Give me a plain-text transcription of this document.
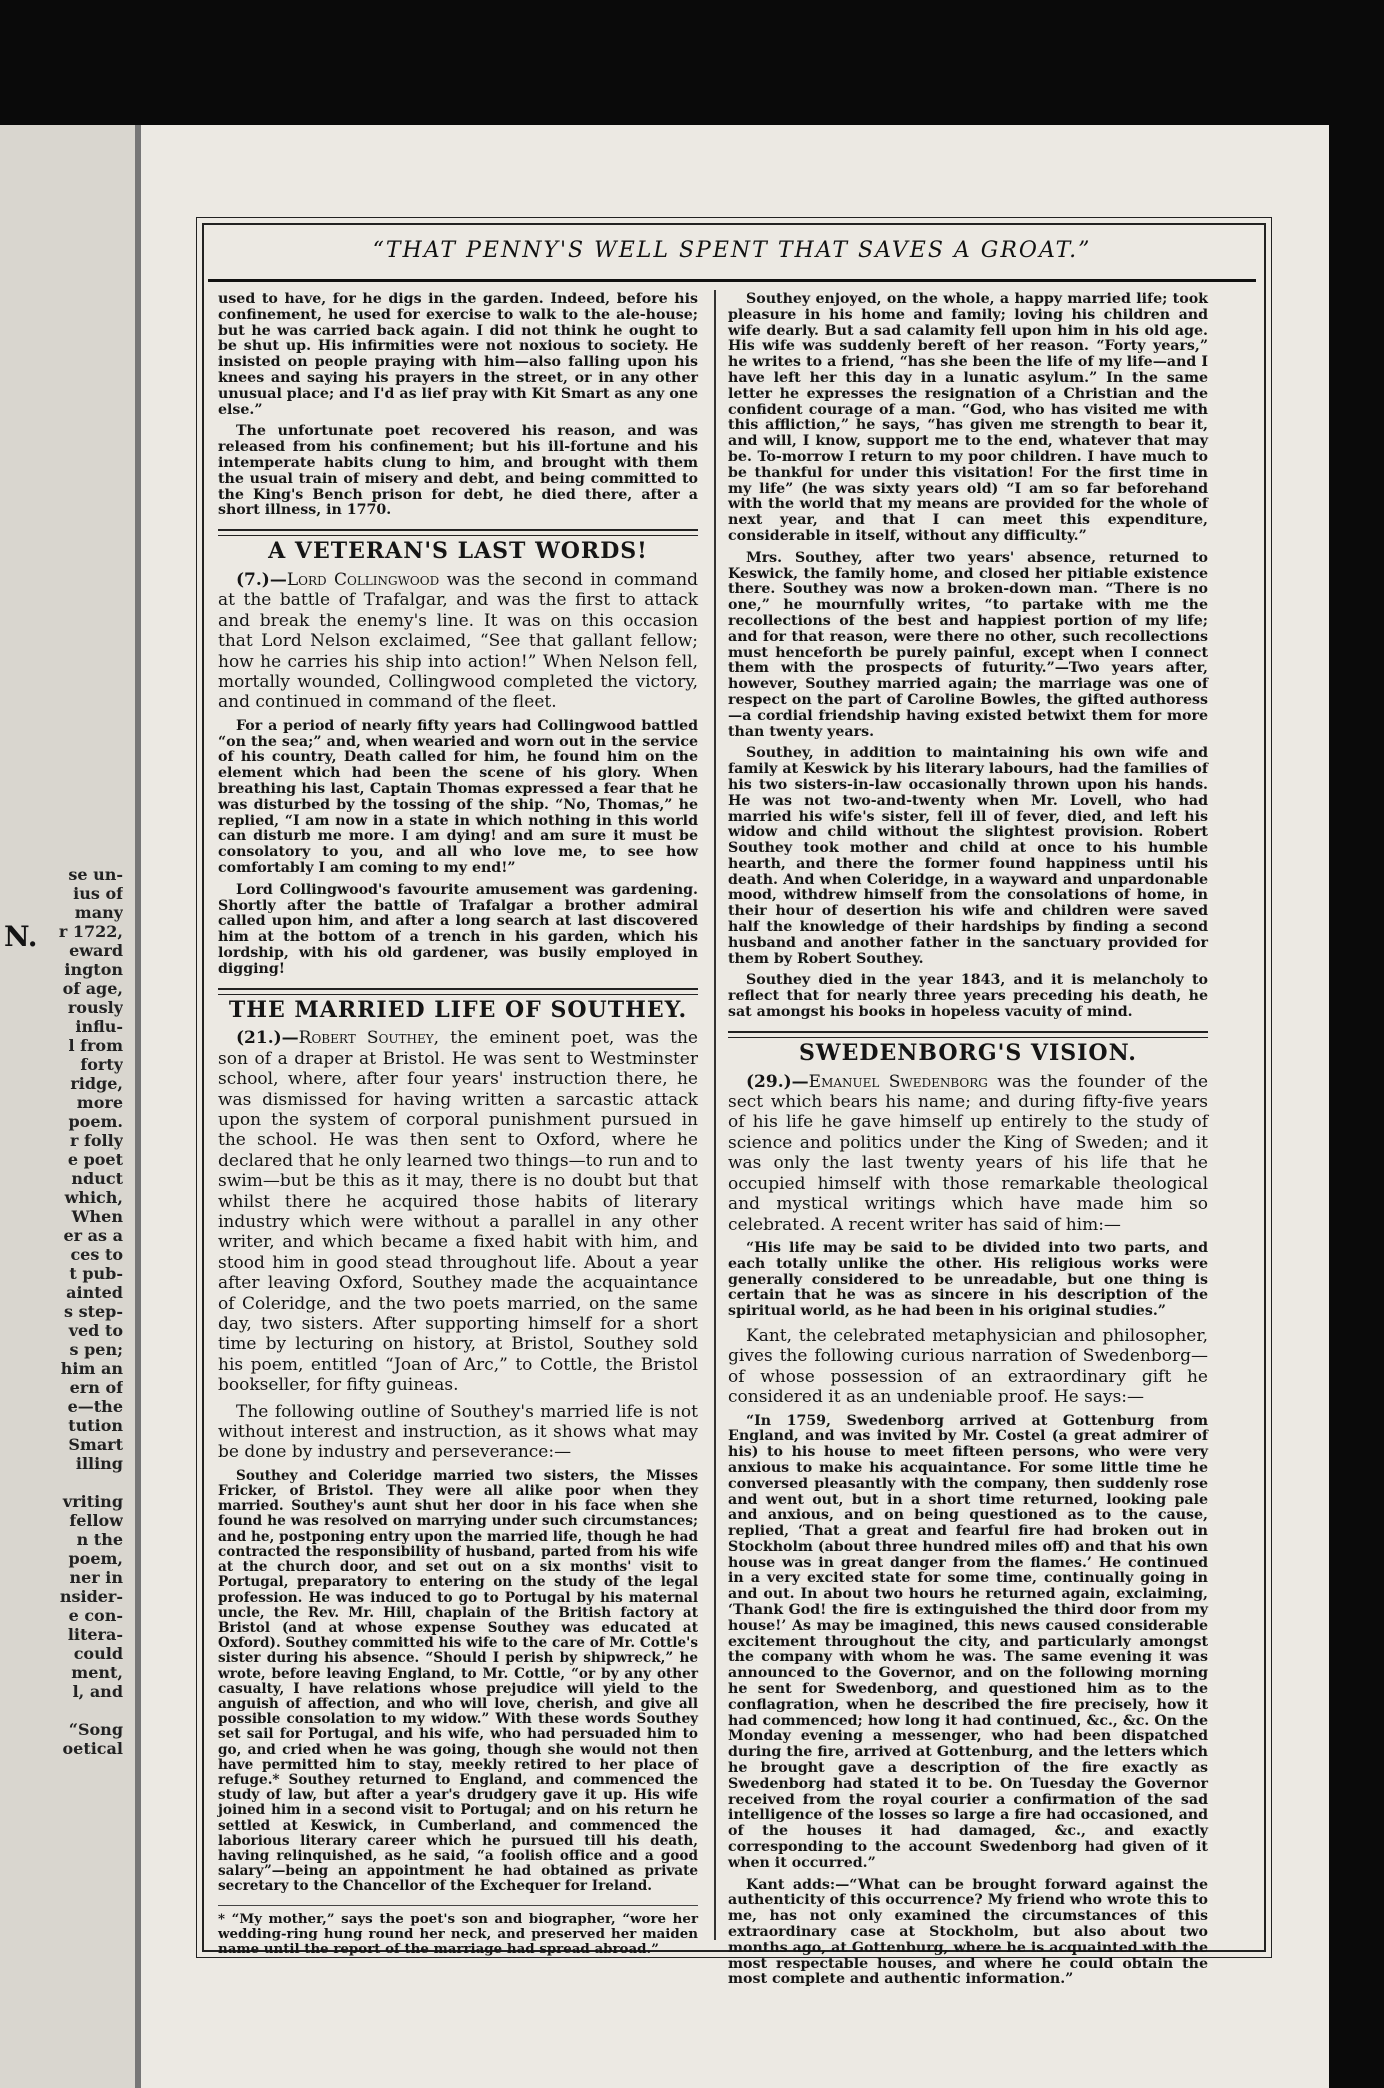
N.
se un-
ius of
many
r 1722,
eward
ington
of age,
rously
influ-
l from
forty
ridge,
more
poem.
r folly
e poet
nduct
which,
When
er as a
ces to
t pub-
ainted
s step-
ved to
s pen;
him an
ern of
e—the
tution
Smart
illing

vriting
fellow
n the
poem,
ner in
nsider-
e con-
litera-
could
ment,
l, and

“Song
oetical
“THAT PENNY'S WELL SPENT THAT SAVES A GROAT.”

used to have, for he digs in the garden. Indeed, before his confinement, he used for exercise to walk to the ale-house; but he was carried back again. I did not think he ought to be shut up. His infirmities were not noxious to society. He insisted on people praying with him—also falling upon his knees and saying his prayers in the street, or in any other unusual place; and I'd as lief pray with Kit Smart as any one else.”

The unfortunate poet recovered his reason, and was released from his confinement; but his ill-fortune and his intemperate habits clung to him, and brought with them the usual train of misery and debt, and being committed to the King's Bench prison for debt, he died there, after a short illness, in 1770.

A VETERAN'S LAST WORDS!

(7.)—Lord Collingwood was the second in command at the battle of Trafalgar, and was the first to attack and break the enemy's line. It was on this occasion that Lord Nelson exclaimed, “See that gallant fellow; how he carries his ship into action!” When Nelson fell, mortally wounded, Collingwood completed the victory, and continued in command of the fleet.

For a period of nearly fifty years had Collingwood battled “on the sea;” and, when wearied and worn out in the service of his country, Death called for him, he found him on the element which had been the scene of his glory. When breathing his last, Captain Thomas expressed a fear that he was disturbed by the tossing of the ship. “No, Thomas,” he replied, “I am now in a state in which nothing in this world can disturb me more. I am dying! and am sure it must be consolatory to you, and all who love me, to see how comfortably I am coming to my end!”

Lord Collingwood's favourite amusement was gardening. Shortly after the battle of Trafalgar a brother admiral called upon him, and after a long search at last discovered him at the bottom of a trench in his garden, which his lordship, with his old gardener, was busily employed in digging!

THE MARRIED LIFE OF SOUTHEY.

(21.)—Robert Southey, the eminent poet, was the son of a draper at Bristol. He was sent to Westminster school, where, after four years' instruction there, he was dismissed for having written a sarcastic attack upon the system of corporal punishment pursued in the school. He was then sent to Oxford, where he declared that he only learned two things—to run and to swim—but be this as it may, there is no doubt but that whilst there he acquired those habits of literary industry which were without a parallel in any other writer, and which became a fixed habit with him, and stood him in good stead throughout life. About a year after leaving Oxford, Southey made the acquaintance of Coleridge, and the two poets married, on the same day, two sisters. After supporting himself for a short time by lecturing on history, at Bristol, Southey sold his poem, entitled “Joan of Arc,” to Cottle, the Bristol bookseller, for fifty guineas.

The following outline of Southey's married life is not without interest and instruction, as it shows what may be done by industry and perseverance:—

Southey and Coleridge married two sisters, the Misses Fricker, of Bristol. They were all alike poor when they married. Southey's aunt shut her door in his face when she found he was resolved on marrying under such circumstances; and he, postponing entry upon the married life, though he had contracted the responsibility of husband, parted from his wife at the church door, and set out on a six months' visit to Portugal, preparatory to entering on the study of the legal profession. He was induced to go to Portugal by his maternal uncle, the Rev. Mr. Hill, chaplain of the British factory at Bristol (and at whose expense Southey was educated at Oxford). Southey committed his wife to the care of Mr. Cottle's sister during his absence. “Should I perish by shipwreck,” he wrote, before leaving England, to Mr. Cottle, “or by any other casualty, I have relations whose prejudice will yield to the anguish of affection, and who will love, cherish, and give all possible consolation to my widow.” With these words Southey set sail for Portugal, and his wife, who had persuaded him to go, and cried when he was going, though she would not then have permitted him to stay, meekly retired to her place of refuge.* Southey returned to England, and commenced the study of law, but after a year's drudgery gave it up. His wife joined him in a second visit to Portugal; and on his return he settled at Keswick, in Cumberland, and commenced the laborious literary career which he pursued till his death, having relinquished, as he said, “a foolish office and a good salary”—being an appointment he had obtained as private secretary to the Chancellor of the Exchequer for Ireland.

* “My mother,” says the poet's son and biographer, “wore her wedding-ring hung round her neck, and preserved her maiden name until the report of the marriage had spread abroad.”

Southey enjoyed, on the whole, a happy married life; took pleasure in his home and family; loving his children and wife dearly. But a sad calamity fell upon him in his old age. His wife was suddenly bereft of her reason. “Forty years,” he writes to a friend, “has she been the life of my life—and I have left her this day in a lunatic asylum.” In the same letter he expresses the resignation of a Christian and the confident courage of a man. “God, who has visited me with this affliction,” he says, “has given me strength to bear it, and will, I know, support me to the end, whatever that may be. To-morrow I return to my poor children. I have much to be thankful for under this visitation! For the first time in my life” (he was sixty years old) “I am so far beforehand with the world that my means are provided for the whole of next year, and that I can meet this expenditure, considerable in itself, without any difficulty.”

Mrs. Southey, after two years' absence, returned to Keswick, the family home, and closed her pitiable existence there. Southey was now a broken-down man. “There is no one,” he mournfully writes, “to partake with me the recollections of the best and happiest portion of my life; and for that reason, were there no other, such recollections must henceforth be purely painful, except when I connect them with the prospects of futurity.”—Two years after, however, Southey married again; the marriage was one of respect on the part of Caroline Bowles, the gifted authoress—a cordial friendship having existed betwixt them for more than twenty years.

Southey, in addition to maintaining his own wife and family at Keswick by his literary labours, had the families of his two sisters-in-law occasionally thrown upon his hands. He was not two-and-twenty when Mr. Lovell, who had married his wife's sister, fell ill of fever, died, and left his widow and child without the slightest provision. Robert Southey took mother and child at once to his humble hearth, and there the former found happiness until his death. And when Coleridge, in a wayward and unpardonable mood, withdrew himself from the consolations of home, in their hour of desertion his wife and children were saved half the knowledge of their hardships by finding a second husband and another father in the sanctuary provided for them by Robert Southey.

Southey died in the year 1843, and it is melancholy to reflect that for nearly three years preceding his death, he sat amongst his books in hopeless vacuity of mind.

SWEDENBORG'S VISION.

(29.)—Emanuel Swedenborg was the founder of the sect which bears his name; and during fifty-five years of his life he gave himself up entirely to the study of science and politics under the King of Sweden; and it was only the last twenty years of his life that he occupied himself with those remarkable theological and mystical writings which have made him so celebrated. A recent writer has said of him:—

“His life may be said to be divided into two parts, and each totally unlike the other. His religious works were generally considered to be unreadable, but one thing is certain that he was as sincere in his description of the spiritual world, as he had been in his original studies.”

Kant, the celebrated metaphysician and philosopher, gives the following curious narration of Swedenborg—of whose possession of an extraordinary gift he considered it as an undeniable proof. He says:—

“In 1759, Swedenborg arrived at Gottenburg from England, and was invited by Mr. Costel (a great admirer of his) to his house to meet fifteen persons, who were very anxious to make his acquaintance. For some little time he conversed pleasantly with the company, then suddenly rose and went out, but in a short time returned, looking pale and anxious, and on being questioned as to the cause, replied, ‘That a great and fearful fire had broken out in Stockholm (about three hundred miles off) and that his own house was in great danger from the flames.’ He continued in a very excited state for some time, continually going in and out. In about two hours he returned again, exclaiming, ‘Thank God! the fire is extinguished the third door from my house!’ As may be imagined, this news caused considerable excitement throughout the city, and particularly amongst the company with whom he was. The same evening it was announced to the Governor, and on the following morning he sent for Swedenborg, and questioned him as to the conflagration, when he described the fire precisely, how it had commenced; how long it had continued, &c., &c. On the Monday evening a messenger, who had been dispatched during the fire, arrived at Gottenburg, and the letters which he brought gave a description of the fire exactly as Swedenborg had stated it to be. On Tuesday the Governor received from the royal courier a confirmation of the sad intelligence of the losses so large a fire had occasioned, and of the houses it had damaged, &c., and exactly corresponding to the account Swedenborg had given of it when it occurred.”

Kant adds:—“What can be brought forward against the authenticity of this occurrence? My friend who wrote this to me, has not only examined the circumstances of this extraordinary case at Stockholm, but also about two months ago, at Gottenburg, where he is acquainted with the most respectable houses, and where he could obtain the most complete and authentic information.”
